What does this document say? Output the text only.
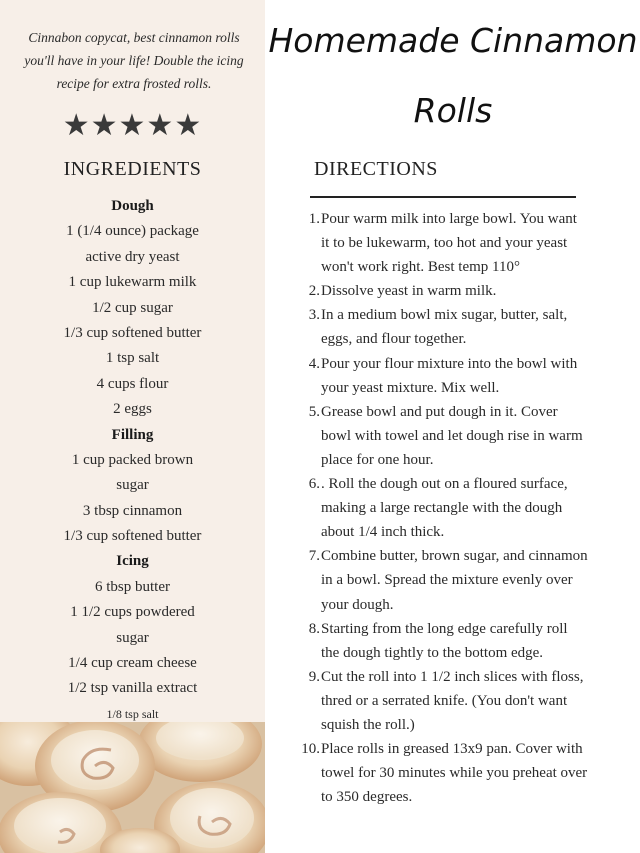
Cinnabon copycat, best cinnamon rolls you'll have in your life! Double the icing recipe for extra frosted rolls.
★★★★★
INGREDIENTS
Dough
1 (1/4 ounce) package
active dry yeast
1 cup lukewarm milk
1/2 cup sugar
1/3 cup softened butter
1 tsp salt
4 cups flour
2 eggs
Filling
1 cup packed brown
sugar
3 tbsp cinnamon
1/3 cup softened butter
Icing
6 tbsp butter
1 1/2 cups powdered
sugar
1/4 cup cream cheese
1/2 tsp vanilla extract
1/8 tsp salt
Homemade Cinnamon
Rolls
DIRECTIONS
1. Pour warm milk into large bowl. You want it to be lukewarm, too hot and your yeast won't work right. Best temp 110°
2. Dissolve yeast in warm milk.
3. In a medium bowl mix sugar, butter, salt, eggs, and flour together.
4. Pour your flour mixture into the bowl with your yeast mixture. Mix well.
5. Grease bowl and put dough in it. Cover bowl with towel and let dough rise in warm place for one hour.
6. . Roll the dough out on a floured surface, making a large rectangle with the dough about 1/4 inch thick.
7. Combine butter, brown sugar, and cinnamon in a bowl. Spread the mixture evenly over your dough.
8. Starting from the long edge carefully roll the dough tightly to the bottom edge.
9. Cut the roll into 1 1/2 inch slices with floss, thred or a serrated knife. (You don't want squish the roll.)
10. Place rolls in greased 13x9 pan. Cover with towel for 30 minutes while you preheat over to 350 degrees.
